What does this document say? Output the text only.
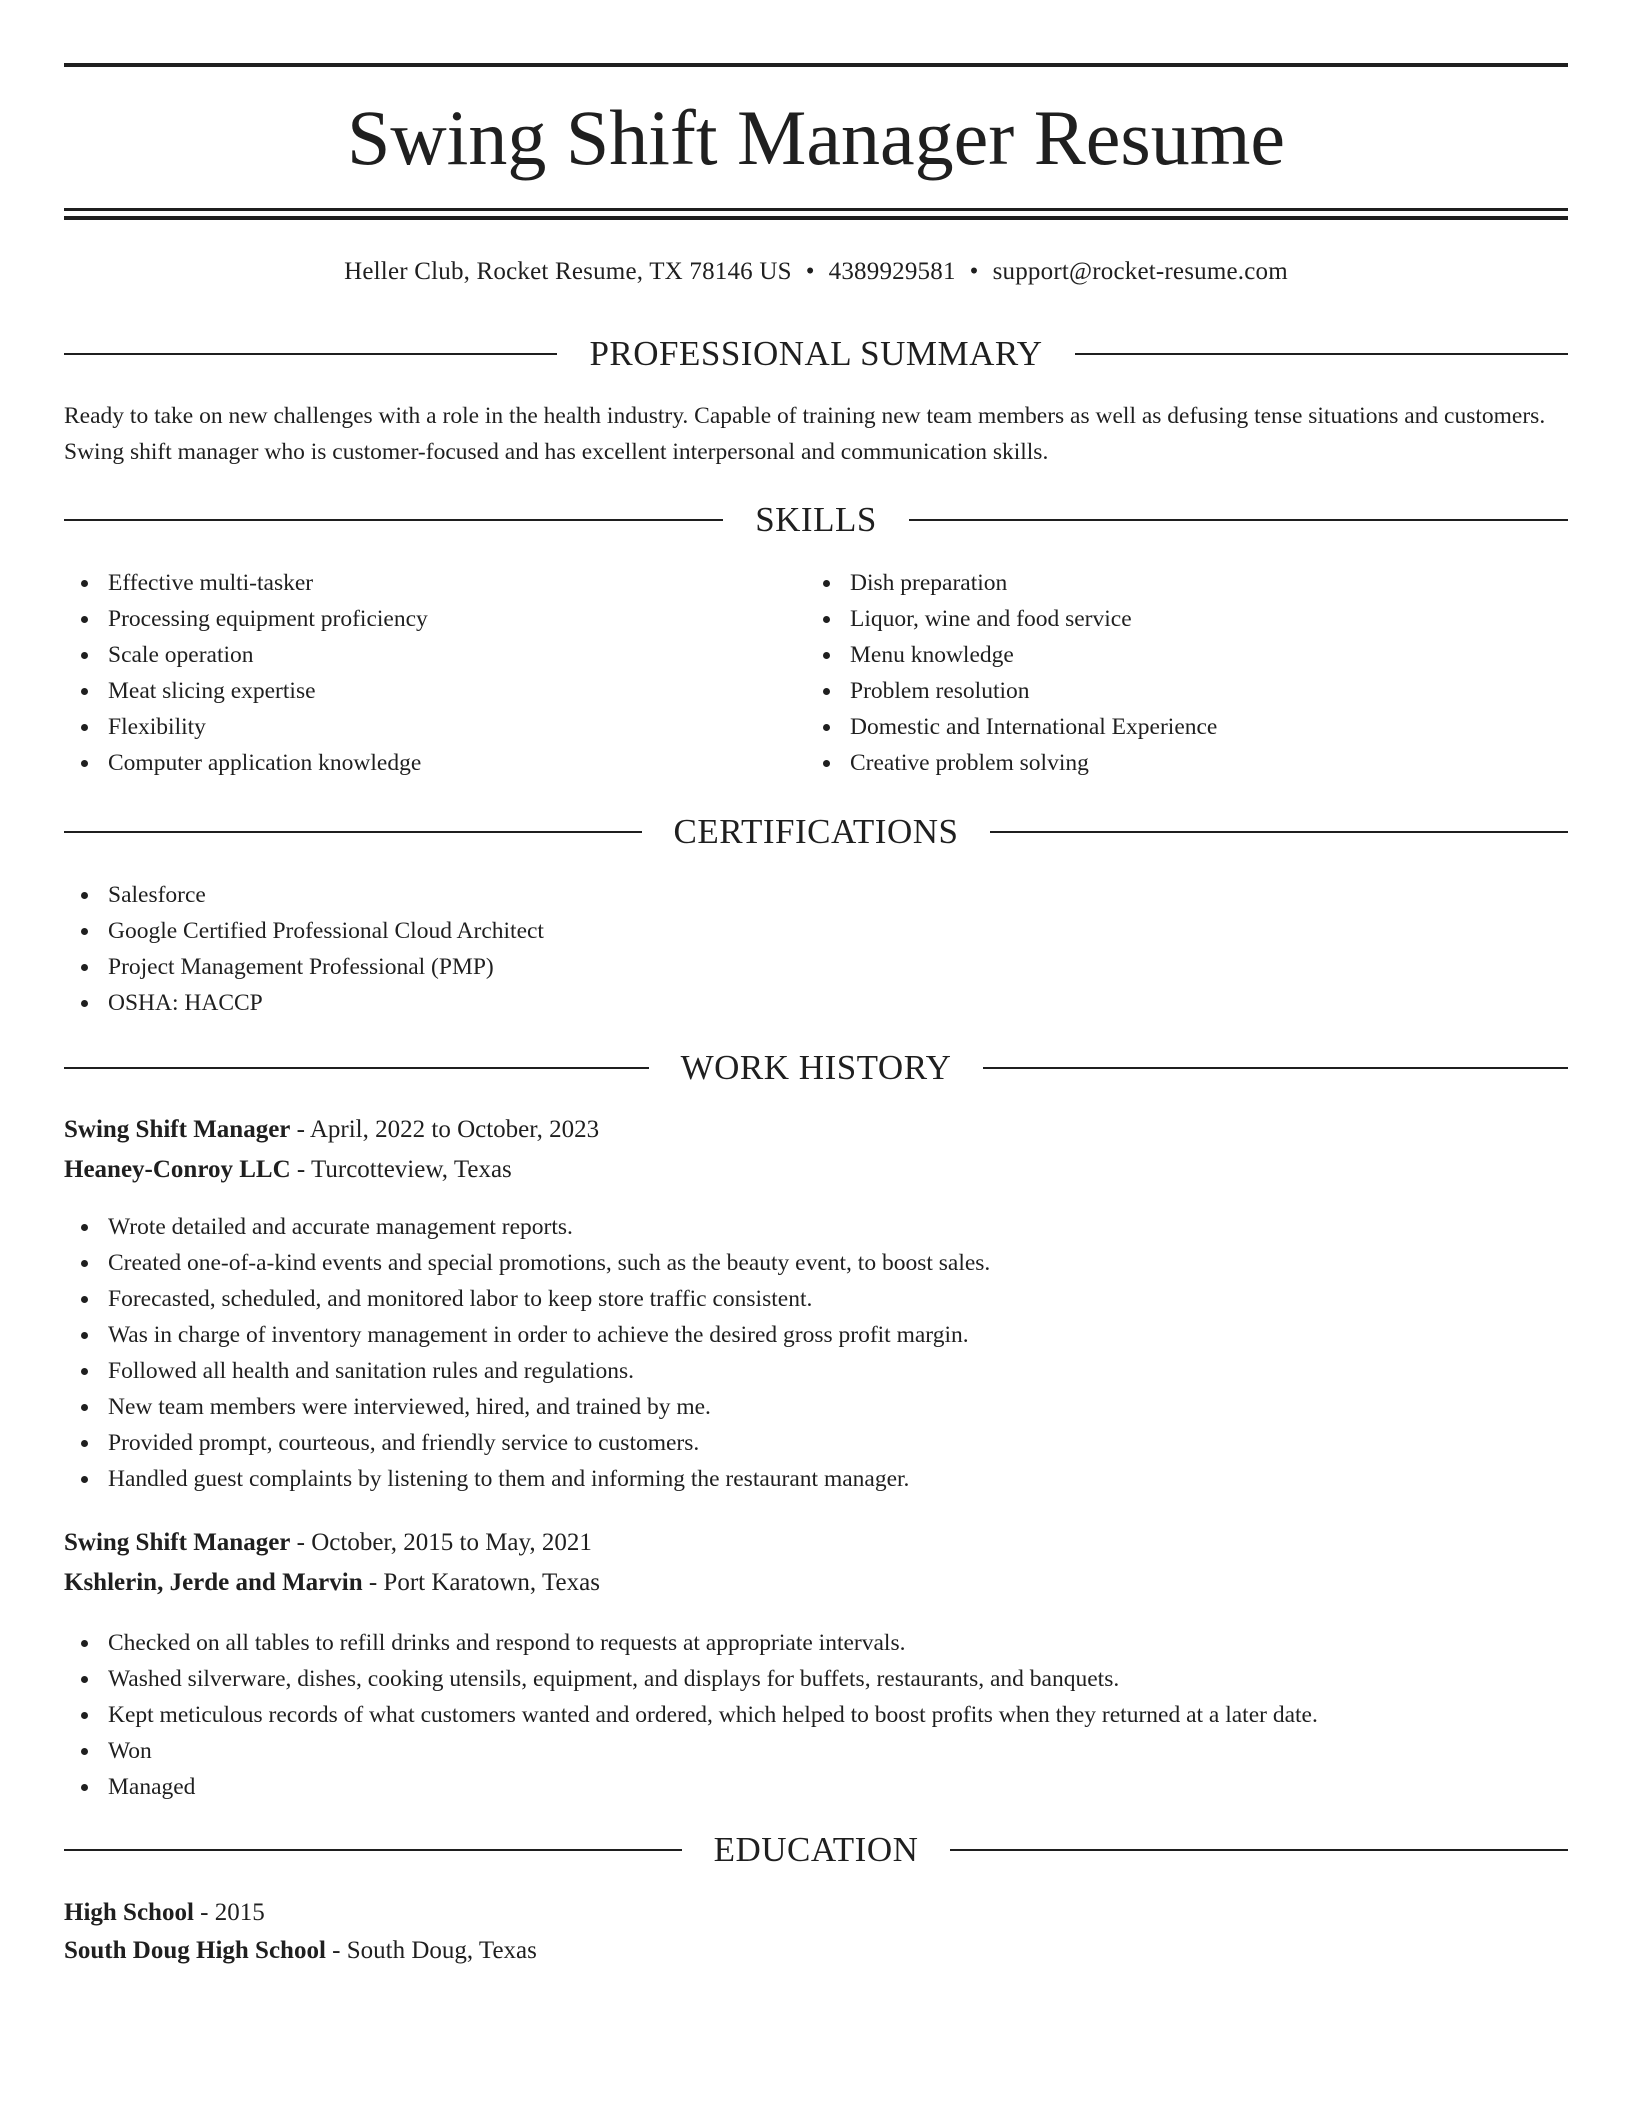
Swing Shift Manager Resume
Heller Club, Rocket Resume, TX 78146 US • 4389929581 • support@rocket-resume.com
PROFESSIONAL SUMMARY

Ready to take on new challenges with a role in the health industry. Capable of training new team members as well as defusing tense situations and customers. Swing shift manager who is customer-focused and has excellent interpersonal and communication skills.

SKILLS
Effective multi-tasker
Processing equipment proficiency
Scale operation
Meat slicing expertise
Flexibility
Computer application knowledge
Dish preparation
Liquor, wine and food service
Menu knowledge
Problem resolution
Domestic and International Experience
Creative problem solving
CERTIFICATIONS
Salesforce
Google Certified Professional Cloud Architect
Project Management Professional (PMP)
OSHA: HACCP
WORK HISTORY
Swing Shift Manager - April, 2022 to October, 2023
Heaney-Conroy LLC - Turcotteview, Texas
Wrote detailed and accurate management reports.
Created one-of-a-kind events and special promotions, such as the beauty event, to boost sales.
Forecasted, scheduled, and monitored labor to keep store traffic consistent.
Was in charge of inventory management in order to achieve the desired gross profit margin.
Followed all health and sanitation rules and regulations.
New team members were interviewed, hired, and trained by me.
Provided prompt, courteous, and friendly service to customers.
Handled guest complaints by listening to them and informing the restaurant manager.
Swing Shift Manager - October, 2015 to May, 2021
Kshlerin, Jerde and Marvin - Port Karatown, Texas
Checked on all tables to refill drinks and respond to requests at appropriate intervals.
Washed silverware, dishes, cooking utensils, equipment, and displays for buffets, restaurants, and banquets.
Kept meticulous records of what customers wanted and ordered, which helped to boost profits when they returned at a later date.
Won
Managed
EDUCATION
High School - 2015
South Doug High School - South Doug, Texas
